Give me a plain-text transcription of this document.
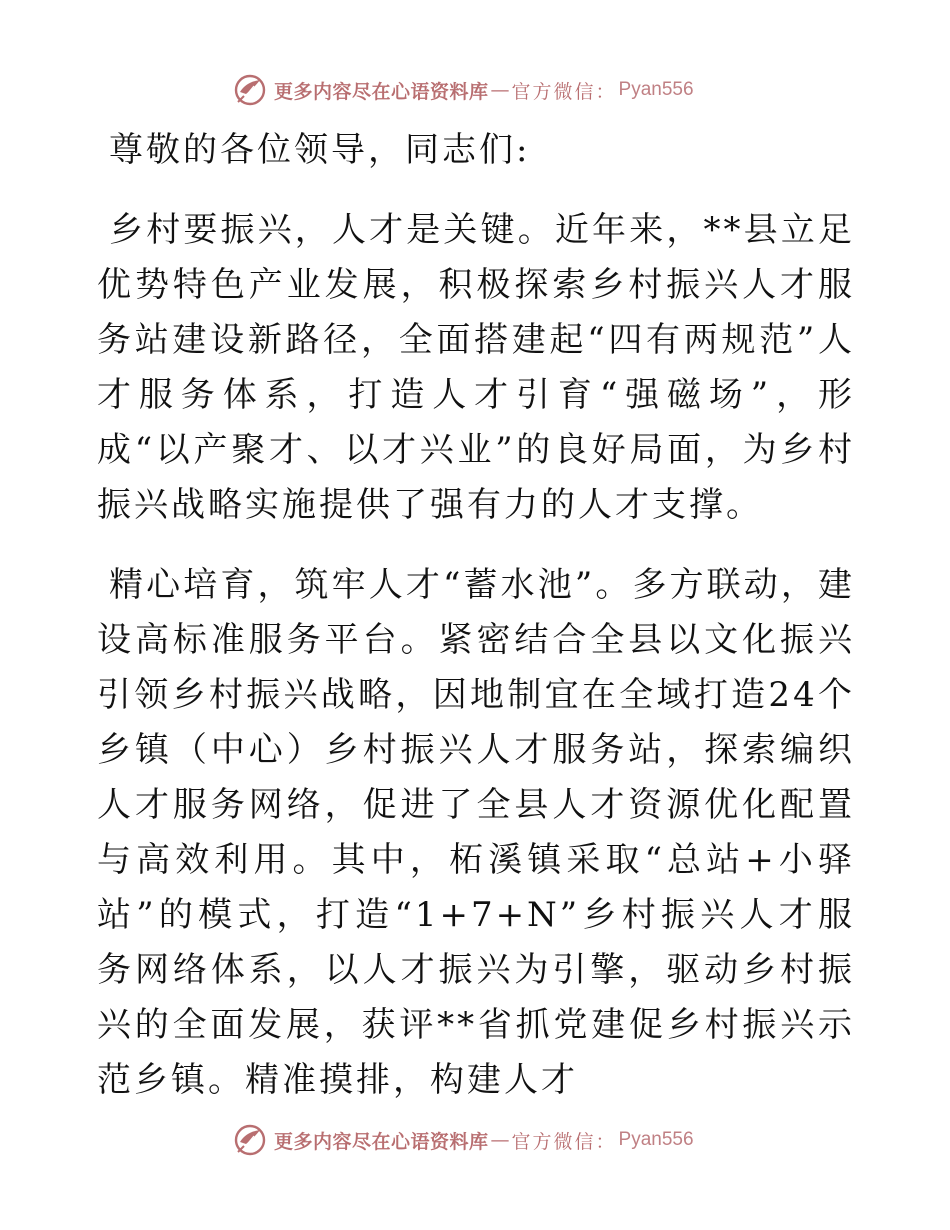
更多内容尽在心语资料库 — 官方微信： Pyan556

尊敬的各位领导，同志们:

乡村要振兴，人才是关键。近年来，**县立足优势特色产业发展，积极探索乡村振兴人才服务站建设新路径，全面搭建起“四有两规范”人才服务体系，打造人才引育“强磁场”，形成“以产聚才、以才兴业”的良好局面，为乡村振兴战略实施提供了强有力的人才支撑。

精心培育，筑牢人才“蓄水池”。多方联动，建设高标准服务平台。紧密结合全县以文化振兴引领乡村振兴战略，因地制宜在全域打造24个乡镇（中心）乡村振兴人才服务站，探索编织人才服务网络，促进了全县人才资源优化配置与高效利用。其中，柘溪镇采取“总站+小驿站”的模式，打造“1+7+N”乡村振兴人才服务网络体系，以人才振兴为引擎，驱动乡村振兴的全面发展，获评**省抓党建促乡村振兴示范乡镇。精准摸排，构建人才

更多内容尽在心语资料库 — 官方微信： Pyan556
